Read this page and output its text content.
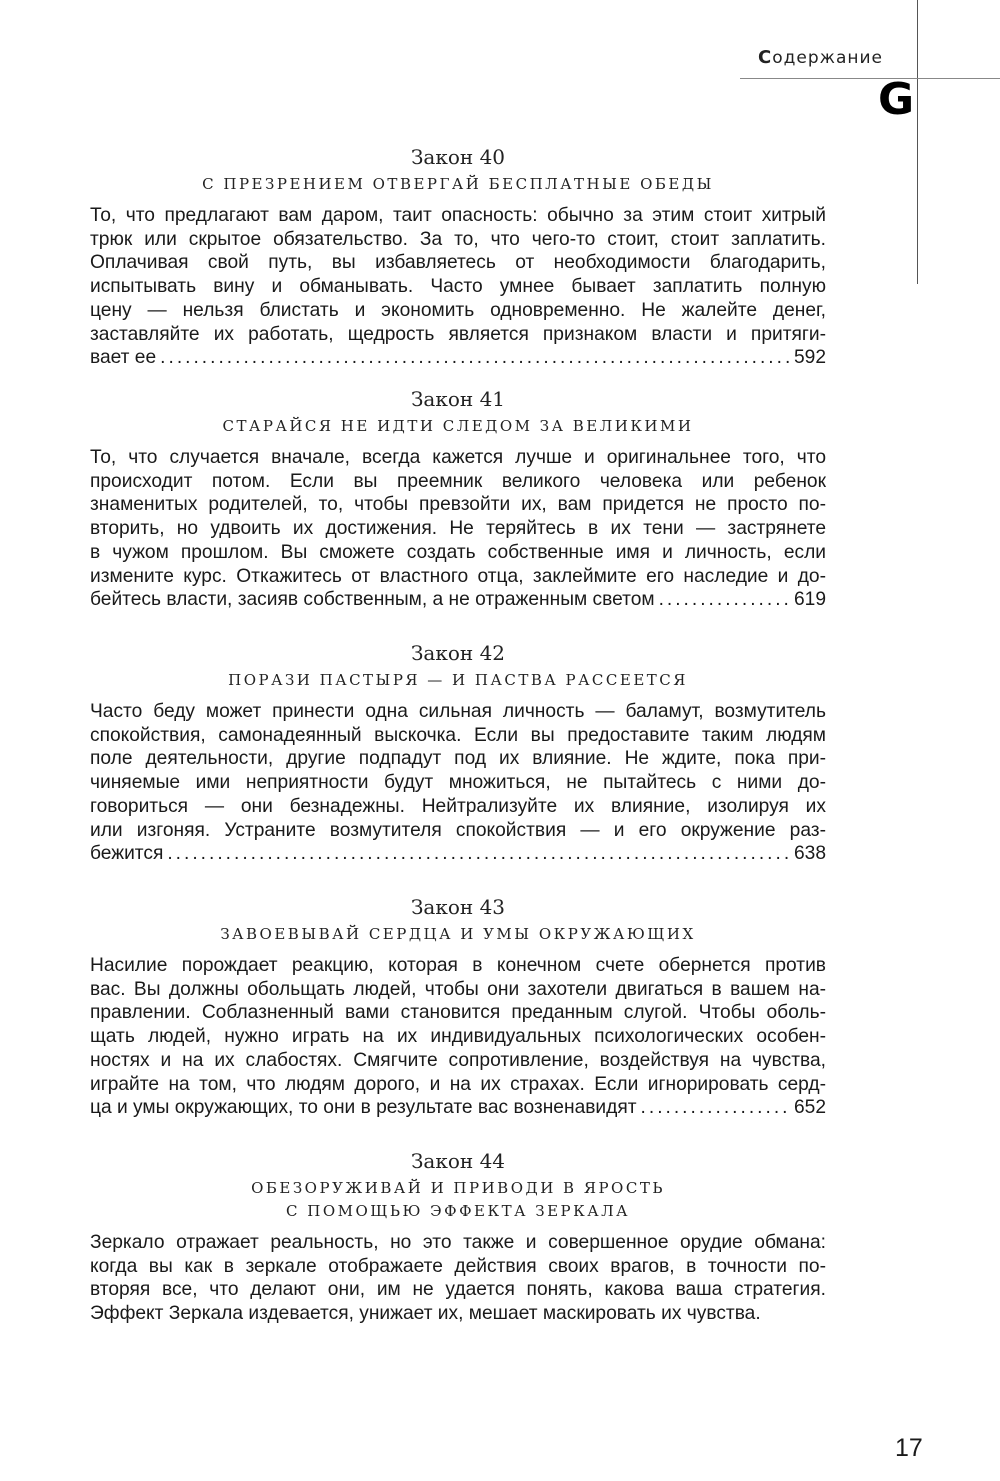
Содержание
G
Закон 40
С ПРЕЗРЕНИЕМ ОТВЕРГАЙ БЕСПЛАТНЫЕ ОБЕДЫ
То, что предлагают вам даром, таит опасность: обычно за этим стоит хитрый
трюк или скрытое обязательство. За то, что чего-то стоит, стоит заплатить.
Оплачивая свой путь, вы избавляетесь от необходимости благодарить,
испытывать вину и обманывать. Часто умнее бывает заплатить полную
цену — нельзя блистать и экономить одновременно. Не жалейте денег,
заставляйте их работать, щедрость является признаком власти и притяги-
вает ее .....	592
Закон 41
СТАРАЙСЯ НЕ ИДТИ СЛЕДОМ ЗА ВЕЛИКИМИ
То, что случается вначале, всегда кажется лучше и оригинальнее того, что
происходит потом. Если вы преемник великого человека или ребенок
знаменитых родителей, то, чтобы превзойти их, вам придется не просто по-
вторить, но удвоить их достижения. Не теряйтесь в их тени — застрянете
в чужом прошлом. Вы сможете создать собственные имя и личность, если
измените курс. Откажитесь от властного отца, заклеймите его наследие и до-
бейтесь власти, засияв собственным, а не отраженным светом .....	619
Закон 42
ПОРАЗИ ПАСТЫРЯ — И ПАСТВА РАССЕЕТСЯ
Часто беду может принести одна сильная личность — баламут, возмутитель
спокойствия, самонадеянный выскочка. Если вы предоставите таким людям
поле деятельности, другие подпадут под их влияние. Не ждите, пока при-
чиняемые ими неприятности будут множиться, не пытайтесь с ними до-
говориться — они безнадежны. Нейтрализуйте их влияние, изолируя их
или изгоняя. Устраните возмутителя спокойствия — и его окружение раз-
бежится .....	638
Закон 43
ЗАВОЕВЫВАЙ СЕРДЦА И УМЫ ОКРУЖАЮЩИХ
Насилие порождает реакцию, которая в конечном счете обернется против
вас. Вы должны обольщать людей, чтобы они захотели двигаться в вашем на-
правлении. Соблазненный вами становится преданным слугой. Чтобы оболь-
щать людей, нужно играть на их индивидуальных психологических особен-
ностях и на их слабостях. Смягчите сопротивление, воздействуя на чувства,
играйте на том, что людям дорого, и на их страхах. Если игнорировать серд-
ца и умы окружающих, то они в результате вас возненавидят .....	652
Закон 44
ОБЕЗОРУЖИВАЙ И ПРИВОДИ В ЯРОСТЬ
С ПОМОЩЬЮ ЭФФЕКТА ЗЕРКАЛА
Зеркало отражает реальность, но это также и совершенное орудие обмана:
когда вы как в зеркале отображаете действия своих врагов, в точности по-
вторяя все, что делают они, им не удается понять, какова ваша стратегия.
Эффект Зеркала издевается, унижает их, мешает маскировать их чувства.
17
